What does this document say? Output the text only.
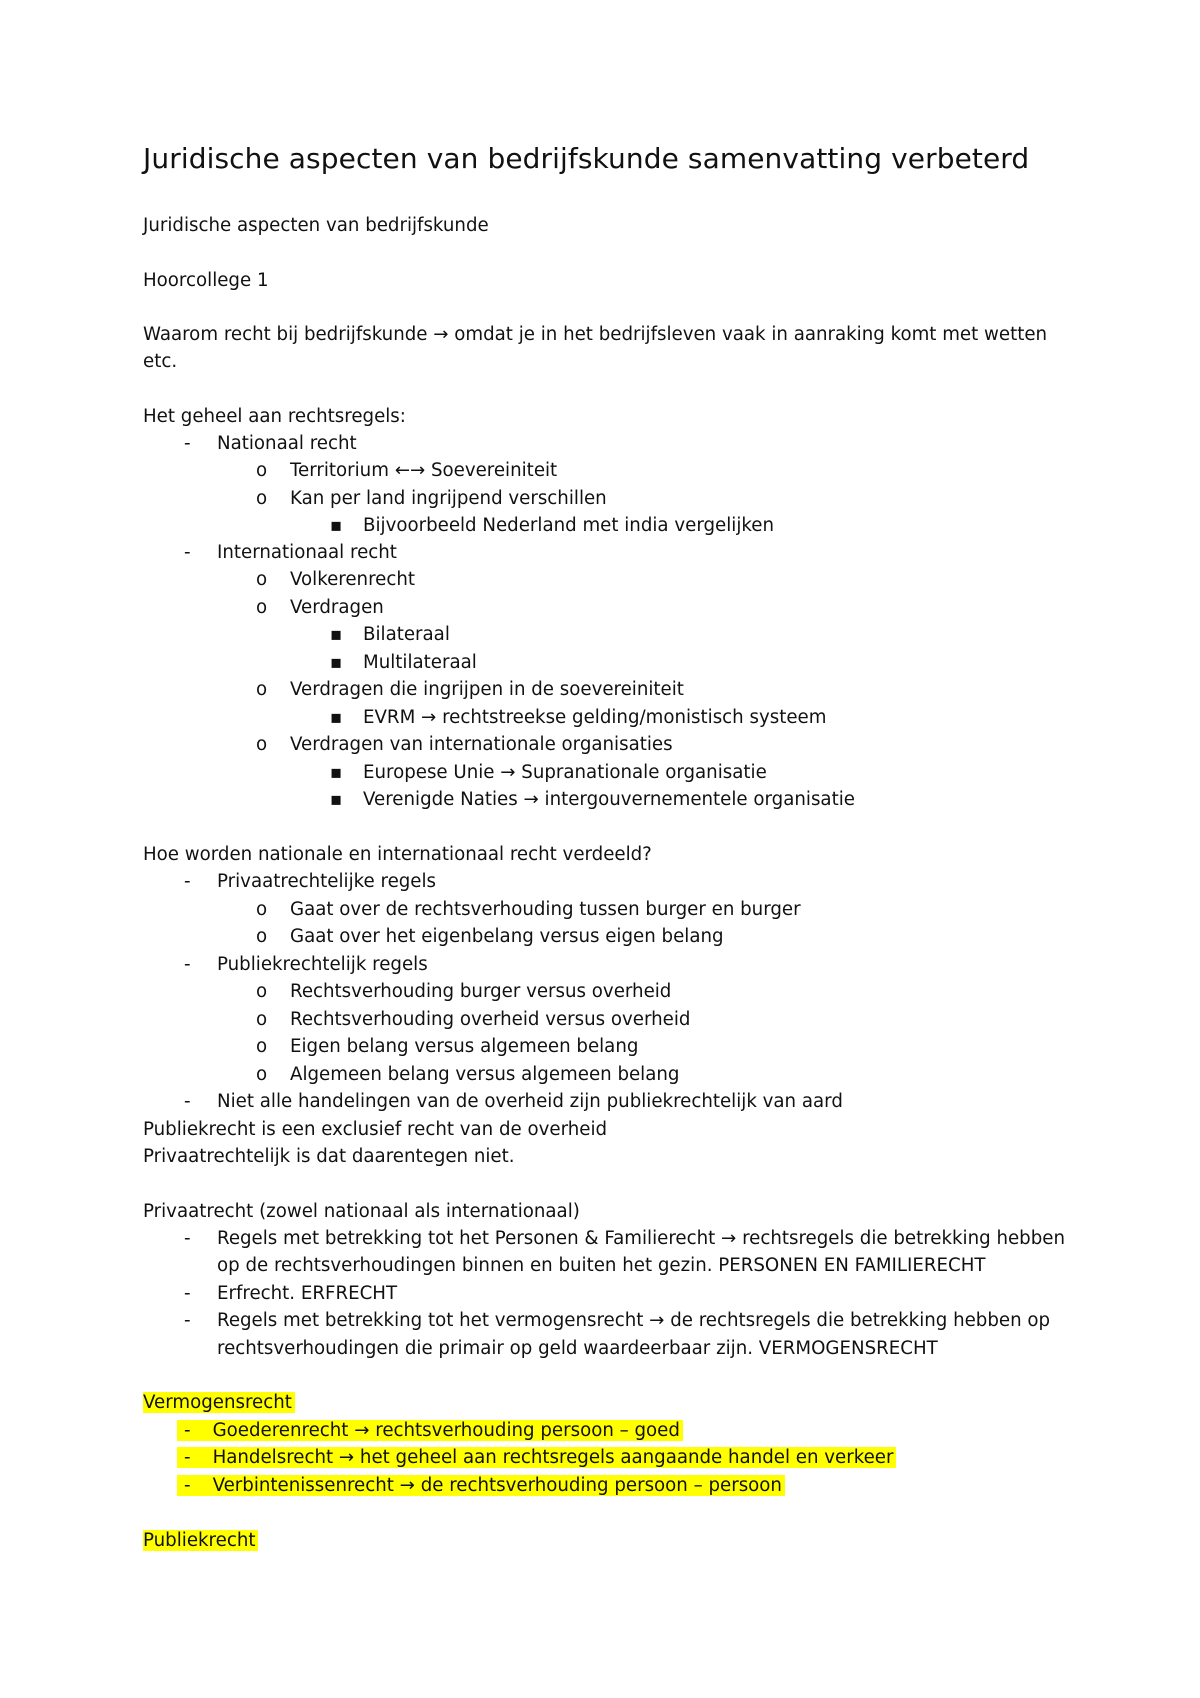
Juridische aspecten van bedrijfskunde samenvatting verbeterd
Juridische aspecten van bedrijfskunde
Hoorcollege 1
Waarom recht bij bedrijfskunde → omdat je in het bedrijfsleven vaak in aanraking komt met wetten
etc.
Het geheel aan rechtsregels:
- Nationaal recht
o Territorium ←→ Soevereiniteit
o Kan per land ingrijpend verschillen
▪ Bijvoorbeeld Nederland met india vergelijken
- Internationaal recht
o Volkerenrecht
o Verdragen
▪ Bilateraal
▪ Multilateraal
o Verdragen die ingrijpen in de soevereiniteit
▪ EVRM → rechtstreekse gelding/monistisch systeem
o Verdragen van internationale organisaties
▪ Europese Unie → Supranationale organisatie
▪ Verenigde Naties → intergouvernementele organisatie
Hoe worden nationale en internationaal recht verdeeld?
- Privaatrechtelijke regels
o Gaat over de rechtsverhouding tussen burger en burger
o Gaat over het eigenbelang versus eigen belang
- Publiekrechtelijk regels
o Rechtsverhouding burger versus overheid
o Rechtsverhouding overheid versus overheid
o Eigen belang versus algemeen belang
o Algemeen belang versus algemeen belang
- Niet alle handelingen van de overheid zijn publiekrechtelijk van aard
Publiekrecht is een exclusief recht van de overheid
Privaatrechtelijk is dat daarentegen niet.
Privaatrecht (zowel nationaal als internationaal)
- Regels met betrekking tot het Personen & Familierecht → rechtsregels die betrekking hebben
op de rechtsverhoudingen binnen en buiten het gezin. PERSONEN EN FAMILIERECHT
- Erfrecht. ERFRECHT
- Regels met betrekking tot het vermogensrecht → de rechtsregels die betrekking hebben op
rechtsverhoudingen die primair op geld waardeerbaar zijn. VERMOGENSRECHT
Vermogensrecht
- Goederenrecht → rechtsverhouding persoon – goed
- Handelsrecht → het geheel aan rechtsregels aangaande handel en verkeer
- Verbintenissenrecht → de rechtsverhouding persoon – persoon
Publiekrecht
